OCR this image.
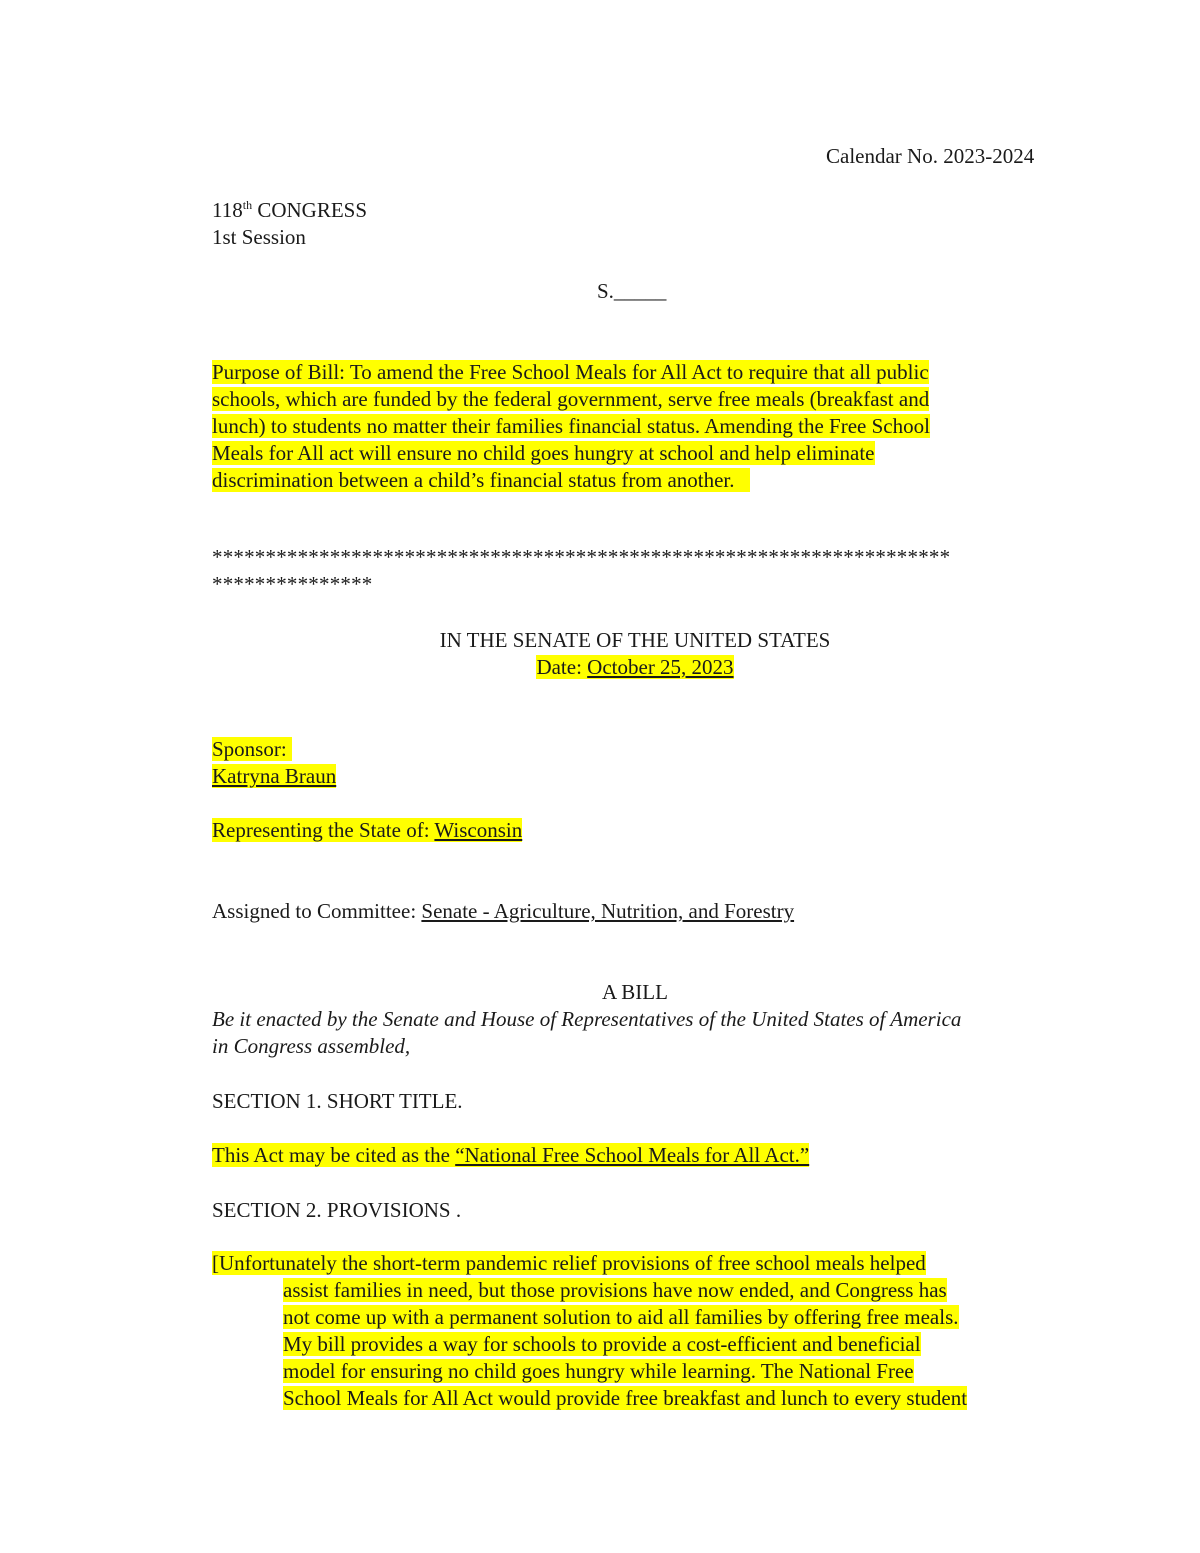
Calendar No. 2023-2024
118th CONGRESS
1st Session
S._____
Purpose of Bill: To amend the Free School Meals for All Act to require that all public
schools, which are funded by the federal government, serve free meals (breakfast and
lunch) to students no matter their families financial status. Amending the Free School
Meals for All act will ensure no child goes hungry at school and help eliminate
discrimination between a child’s financial status from another.
*********************************************************************
***************
IN THE SENATE OF THE UNITED STATES
Date: October 25, 2023
Sponsor:
Katryna Braun
Representing the State of: Wisconsin
Assigned to Committee: Senate - Agriculture, Nutrition, and Forestry
A BILL
Be it enacted by the Senate and House of Representatives of the United States of America
in Congress assembled,
SECTION 1. SHORT TITLE.
This Act may be cited as the “National Free School Meals for All Act.”
SECTION 2. PROVISIONS .
[Unfortunately the short-term pandemic relief provisions of free school meals helped
assist families in need, but those provisions have now ended, and Congress has
not come up with a permanent solution to aid all families by offering free meals.
My bill provides a way for schools to provide a cost-efficient and beneficial
model for ensuring no child goes hungry while learning. The National Free
School Meals for All Act would provide free breakfast and lunch to every student
